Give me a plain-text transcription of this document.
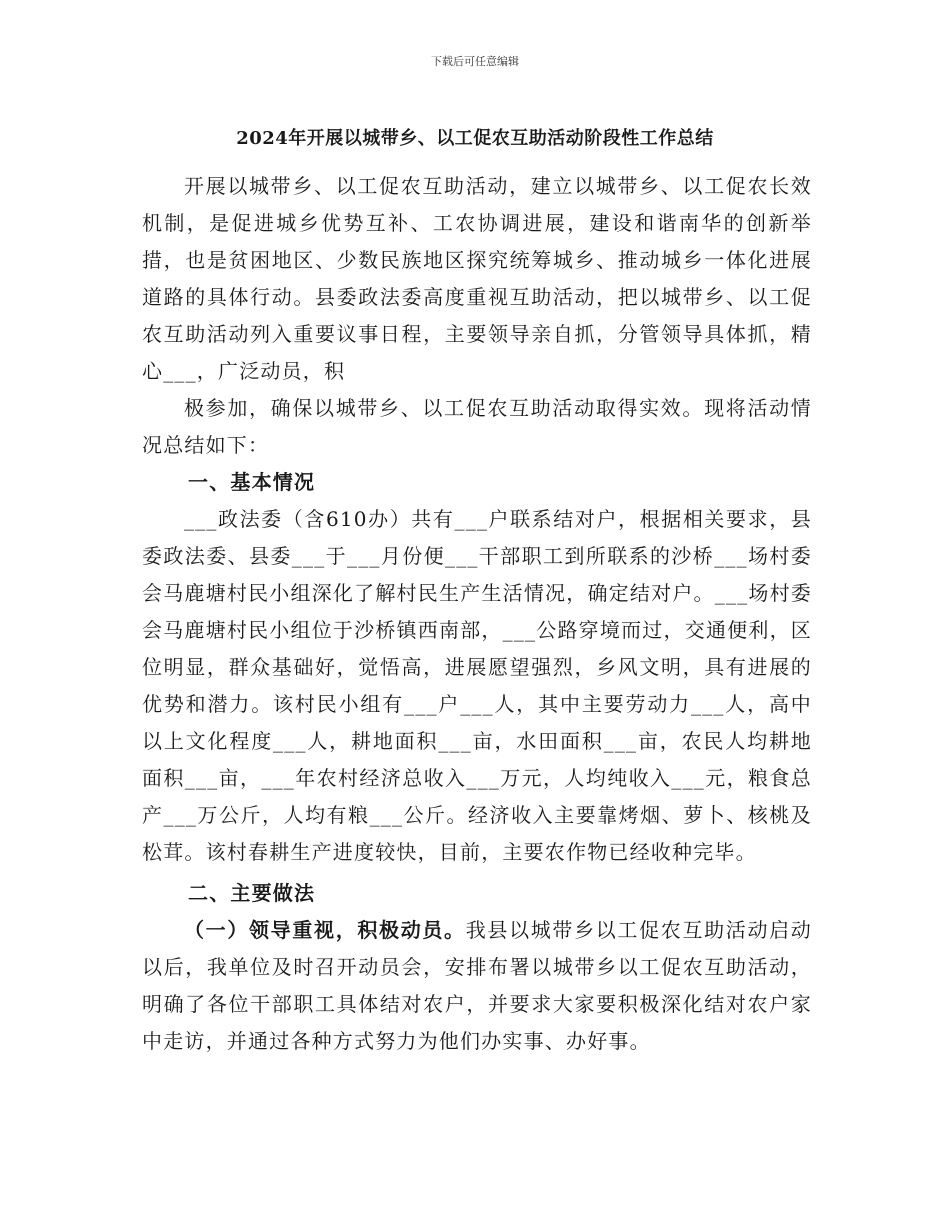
下载后可任意编辑
2024年开展以城带乡、以工促农互助活动阶段性工作总结

开展以城带乡、以工促农互助活动，建立以城带乡、以工促农长效机制，是促进城乡优势互补、工农协调进展，建设和谐南华的创新举措，也是贫困地区、少数民族地区探究统筹城乡、推动城乡一体化进展道路的具体行动。县委政法委高度重视互助活动，把以城带乡、以工促农互助活动列入重要议事日程，主要领导亲自抓，分管领导具体抓，精心___，广泛动员，积

极参加，确保以城带乡、以工促农互助活动取得实效。现将活动情况总结如下：

一、基本情况

___政法委（含610办）共有___户联系结对户，根据相关要求，县委政法委、县委___于___月份便___干部职工到所联系的沙桥___场村委会马鹿塘村民小组深化了解村民生产生活情况，确定结对户。___场村委会马鹿塘村民小组位于沙桥镇西南部，___公路穿境而过，交通便利，区位明显，群众基础好，觉悟高，进展愿望强烈，乡风文明，具有进展的优势和潜力。该村民小组有___户___人，其中主要劳动力___人，高中以上文化程度___人，耕地面积___亩，水田面积___亩，农民人均耕地面积___亩，___年农村经济总收入___万元，人均纯收入___元，粮食总产___万公斤，人均有粮___公斤。经济收入主要靠烤烟、萝卜、核桃及松茸。该村春耕生产进度较快，目前，主要农作物已经收种完毕。

二、主要做法

（一）领导重视，积极动员。我县以城带乡以工促农互助活动启动以后，我单位及时召开动员会，安排布署以城带乡以工促农互助活动，明确了各位干部职工具体结对农户，并要求大家要积极深化结对农户家中走访，并通过各种方式努力为他们办实事、办好事。
